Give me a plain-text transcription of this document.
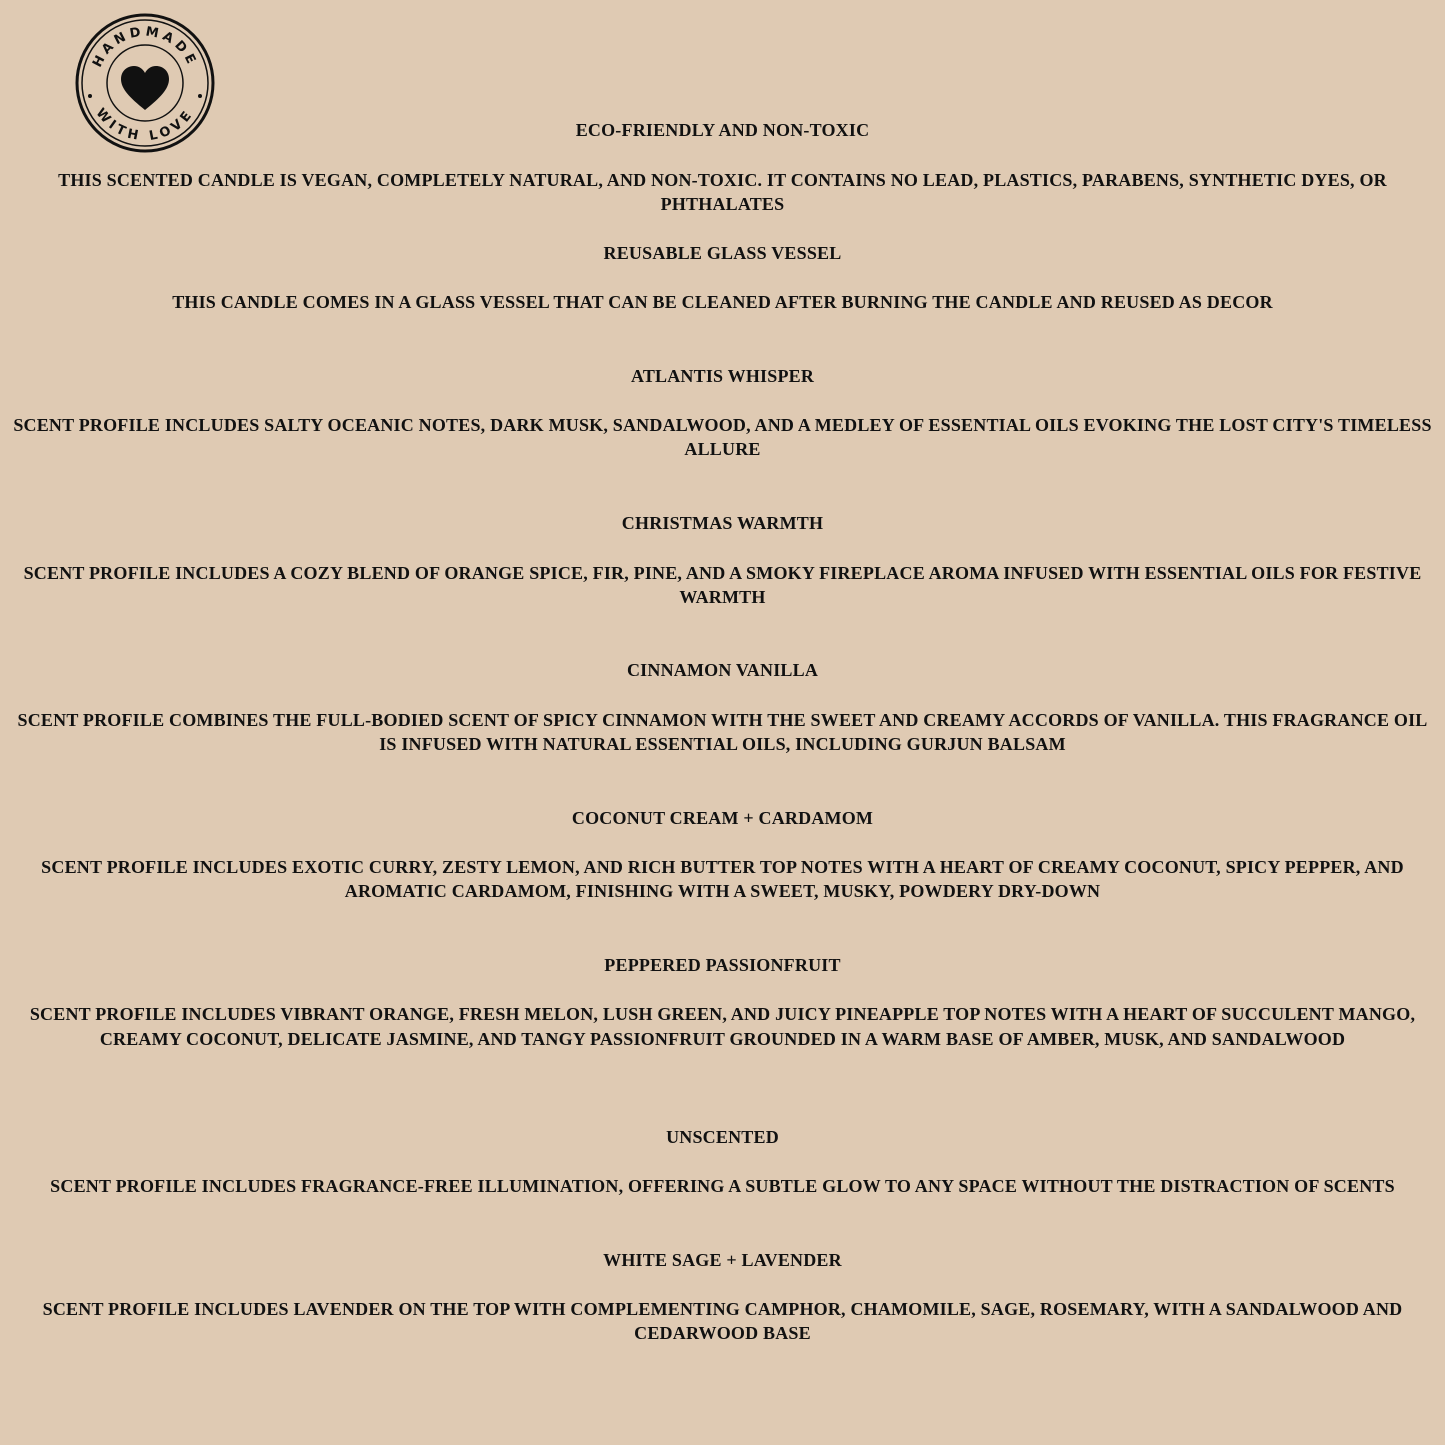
HANDMADE
WITH LOVE
ECO-FRIENDLY AND NON-TOXIC
THIS SCENTED CANDLE IS VEGAN, COMPLETELY NATURAL, AND NON-TOXIC. IT CONTAINS NO LEAD, PLASTICS, PARABENS, SYNTHETIC DYES, OR
PHTHALATES
REUSABLE GLASS VESSEL
THIS CANDLE COMES IN A GLASS VESSEL THAT CAN BE CLEANED AFTER BURNING THE CANDLE AND REUSED AS DECOR
ATLANTIS WHISPER
SCENT PROFILE INCLUDES SALTY OCEANIC NOTES, DARK MUSK, SANDALWOOD, AND A MEDLEY OF ESSENTIAL OILS EVOKING THE LOST CITY'S TIMELESS
ALLURE
CHRISTMAS WARMTH
SCENT PROFILE INCLUDES A COZY BLEND OF ORANGE SPICE, FIR, PINE, AND A SMOKY FIREPLACE AROMA INFUSED WITH ESSENTIAL OILS FOR FESTIVE
WARMTH
CINNAMON VANILLA
SCENT PROFILE COMBINES THE FULL-BODIED SCENT OF SPICY CINNAMON WITH THE SWEET AND CREAMY ACCORDS OF VANILLA. THIS FRAGRANCE OIL
IS INFUSED WITH NATURAL ESSENTIAL OILS, INCLUDING GURJUN BALSAM
COCONUT CREAM + CARDAMOM
SCENT PROFILE INCLUDES EXOTIC CURRY, ZESTY LEMON, AND RICH BUTTER TOP NOTES WITH A HEART OF CREAMY COCONUT, SPICY PEPPER, AND
AROMATIC CARDAMOM, FINISHING WITH A SWEET, MUSKY, POWDERY DRY-DOWN
PEPPERED PASSIONFRUIT
SCENT PROFILE INCLUDES VIBRANT ORANGE, FRESH MELON, LUSH GREEN, AND JUICY PINEAPPLE TOP NOTES WITH A HEART OF SUCCULENT MANGO,
CREAMY COCONUT, DELICATE JASMINE, AND TANGY PASSIONFRUIT GROUNDED IN A WARM BASE OF AMBER, MUSK, AND SANDALWOOD
UNSCENTED
SCENT PROFILE INCLUDES FRAGRANCE-FREE ILLUMINATION, OFFERING A SUBTLE GLOW TO ANY SPACE WITHOUT THE DISTRACTION OF SCENTS
WHITE SAGE + LAVENDER
SCENT PROFILE INCLUDES LAVENDER ON THE TOP WITH COMPLEMENTING CAMPHOR, CHAMOMILE, SAGE, ROSEMARY, WITH A SANDALWOOD AND
CEDARWOOD BASE
